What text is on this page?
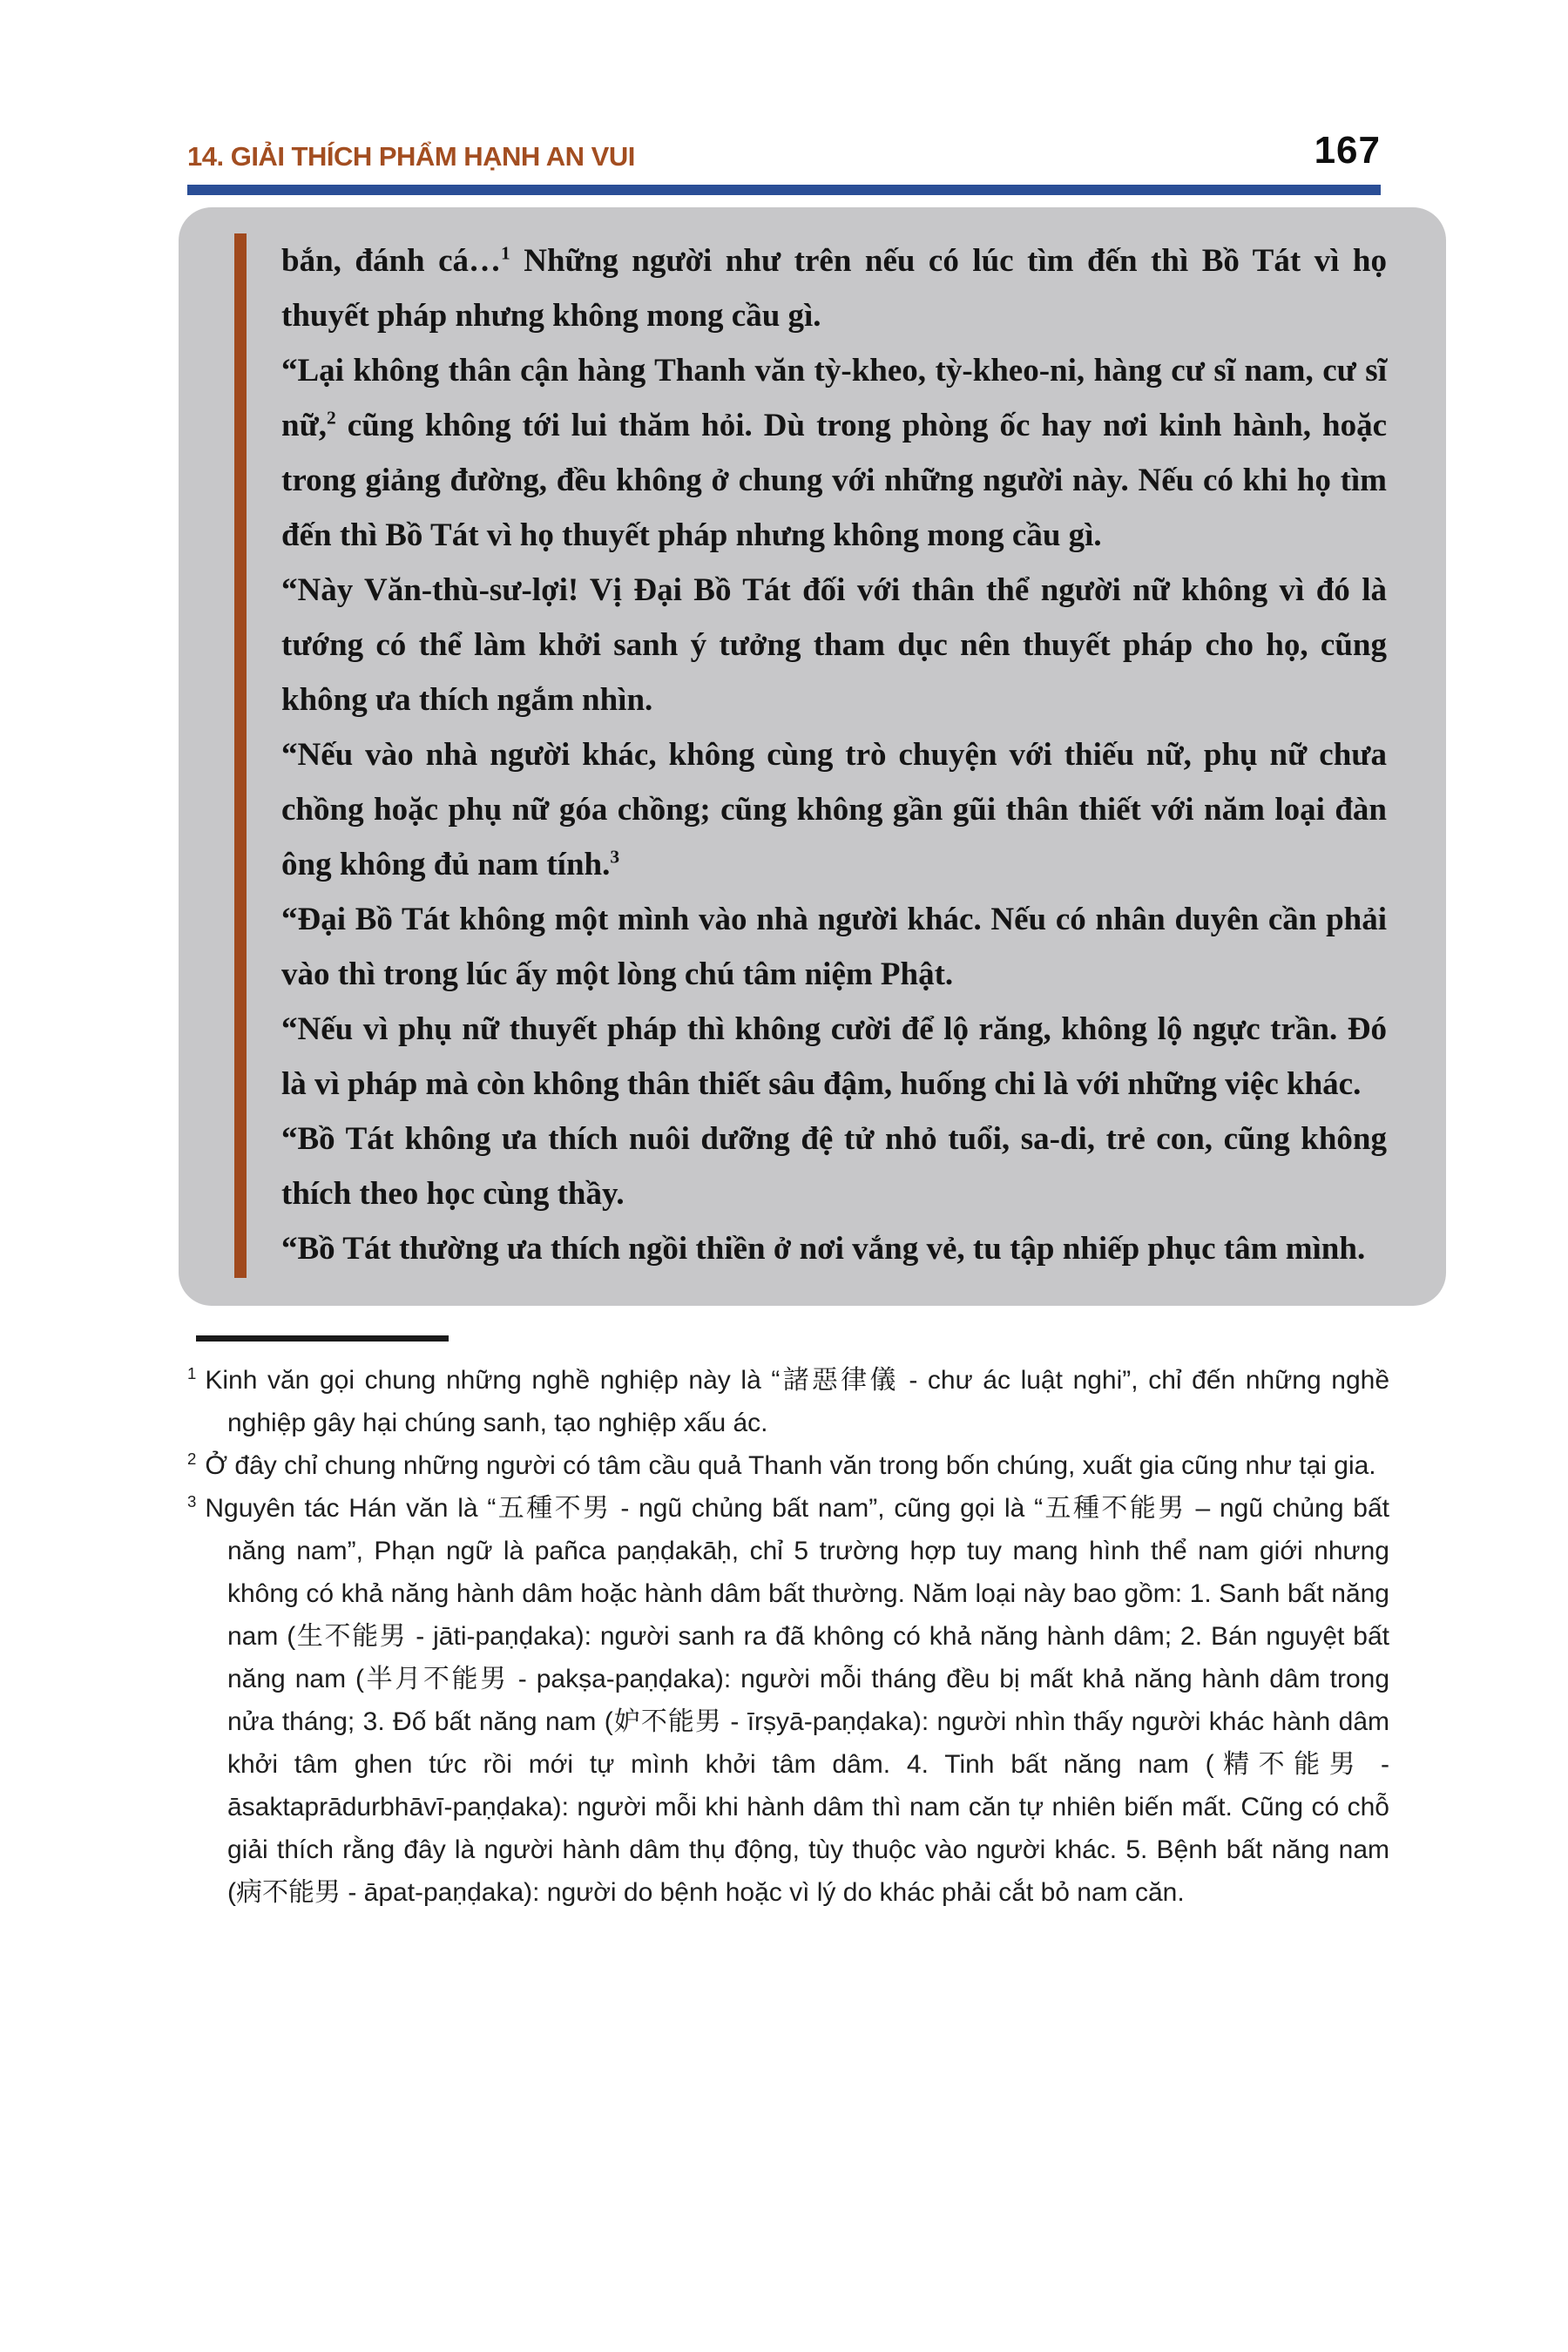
14. GIẢI THÍCH PHẨM HẠNH AN VUI	167

bắn, đánh cá…$^1$ Những người như trên nếu có lúc tìm đến thì Bồ Tát vì họ thuyết pháp nhưng không mong cầu gì.

“Lại không thân cận hàng Thanh văn tỳ-kheo, tỳ-kheo-ni, hàng cư sĩ nam, cư sĩ nữ,$^2$ cũng không tới lui thăm hỏi. Dù trong phòng ốc hay nơi kinh hành, hoặc trong giảng đường, đều không ở chung với những người này. Nếu có khi họ tìm đến thì Bồ Tát vì họ thuyết pháp nhưng không mong cầu gì.

“Này Văn-thù-sư-lợi! Vị Đại Bồ Tát đối với thân thể người nữ không vì đó là tướng có thể làm khởi sanh ý tưởng tham dục nên thuyết pháp cho họ, cũng không ưa thích ngắm nhìn.

“Nếu vào nhà người khác, không cùng trò chuyện với thiếu nữ, phụ nữ chưa chồng hoặc phụ nữ góa chồng; cũng không gần gũi thân thiết với năm loại đàn ông không đủ nam tính.$^3$

“Đại Bồ Tát không một mình vào nhà người khác. Nếu có nhân duyên cần phải vào thì trong lúc ấy một lòng chú tâm niệm Phật.

“Nếu vì phụ nữ thuyết pháp thì không cười để lộ răng, không lộ ngực trần. Đó là vì pháp mà còn không thân thiết sâu đậm, huống chi là với những việc khác.

“Bồ Tát không ưa thích nuôi dưỡng đệ tử nhỏ tuổi, sa-di, trẻ con, cũng không thích theo học cùng thầy.

“Bồ Tát thường ưa thích ngồi thiền ở nơi vắng vẻ, tu tập nhiếp phục tâm mình.

$^1$ Kinh văn gọi chung những nghề nghiệp này là “諸惡律儀 - chư ác luật nghi”, chỉ đến những nghề nghiệp gây hại chúng sanh, tạo nghiệp xấu ác.

$^2$ Ở đây chỉ chung những người có tâm cầu quả Thanh văn trong bốn chúng, xuất gia cũng như tại gia.

$^3$ Nguyên tác Hán văn là “五種不男 - ngũ chủng bất nam”, cũng gọi là “五種不能男 – ngũ chủng bất năng nam”, Phạn ngữ là pañca paṇḍakāḥ, chỉ 5 trường hợp tuy mang hình thể nam giới nhưng không có khả năng hành dâm hoặc hành dâm bất thường. Năm loại này bao gồm: 1. Sanh bất năng nam (生不能男 - jāti-paṇḍaka): người sanh ra đã không có khả năng hành dâm; 2. Bán nguyệt bất năng nam (半月不能男 - pakṣa-paṇḍaka): người mỗi tháng đều bị mất khả năng hành dâm trong nửa tháng; 3. Đố bất năng nam (妒不能男 - īrṣyā-paṇḍaka): người nhìn thấy người khác hành dâm khởi tâm ghen tức rồi mới tự mình khởi tâm dâm. 4. Tinh bất năng nam (精不能男 - āsaktaprādurbhāvī-paṇḍaka): người mỗi khi hành dâm thì nam căn tự nhiên biến mất. Cũng có chỗ giải thích rằng đây là người hành dâm thụ động, tùy thuộc vào người khác. 5. Bệnh bất năng nam (病不能男 - āpat-paṇḍaka): người do bệnh hoặc vì lý do khác phải cắt bỏ nam căn.
